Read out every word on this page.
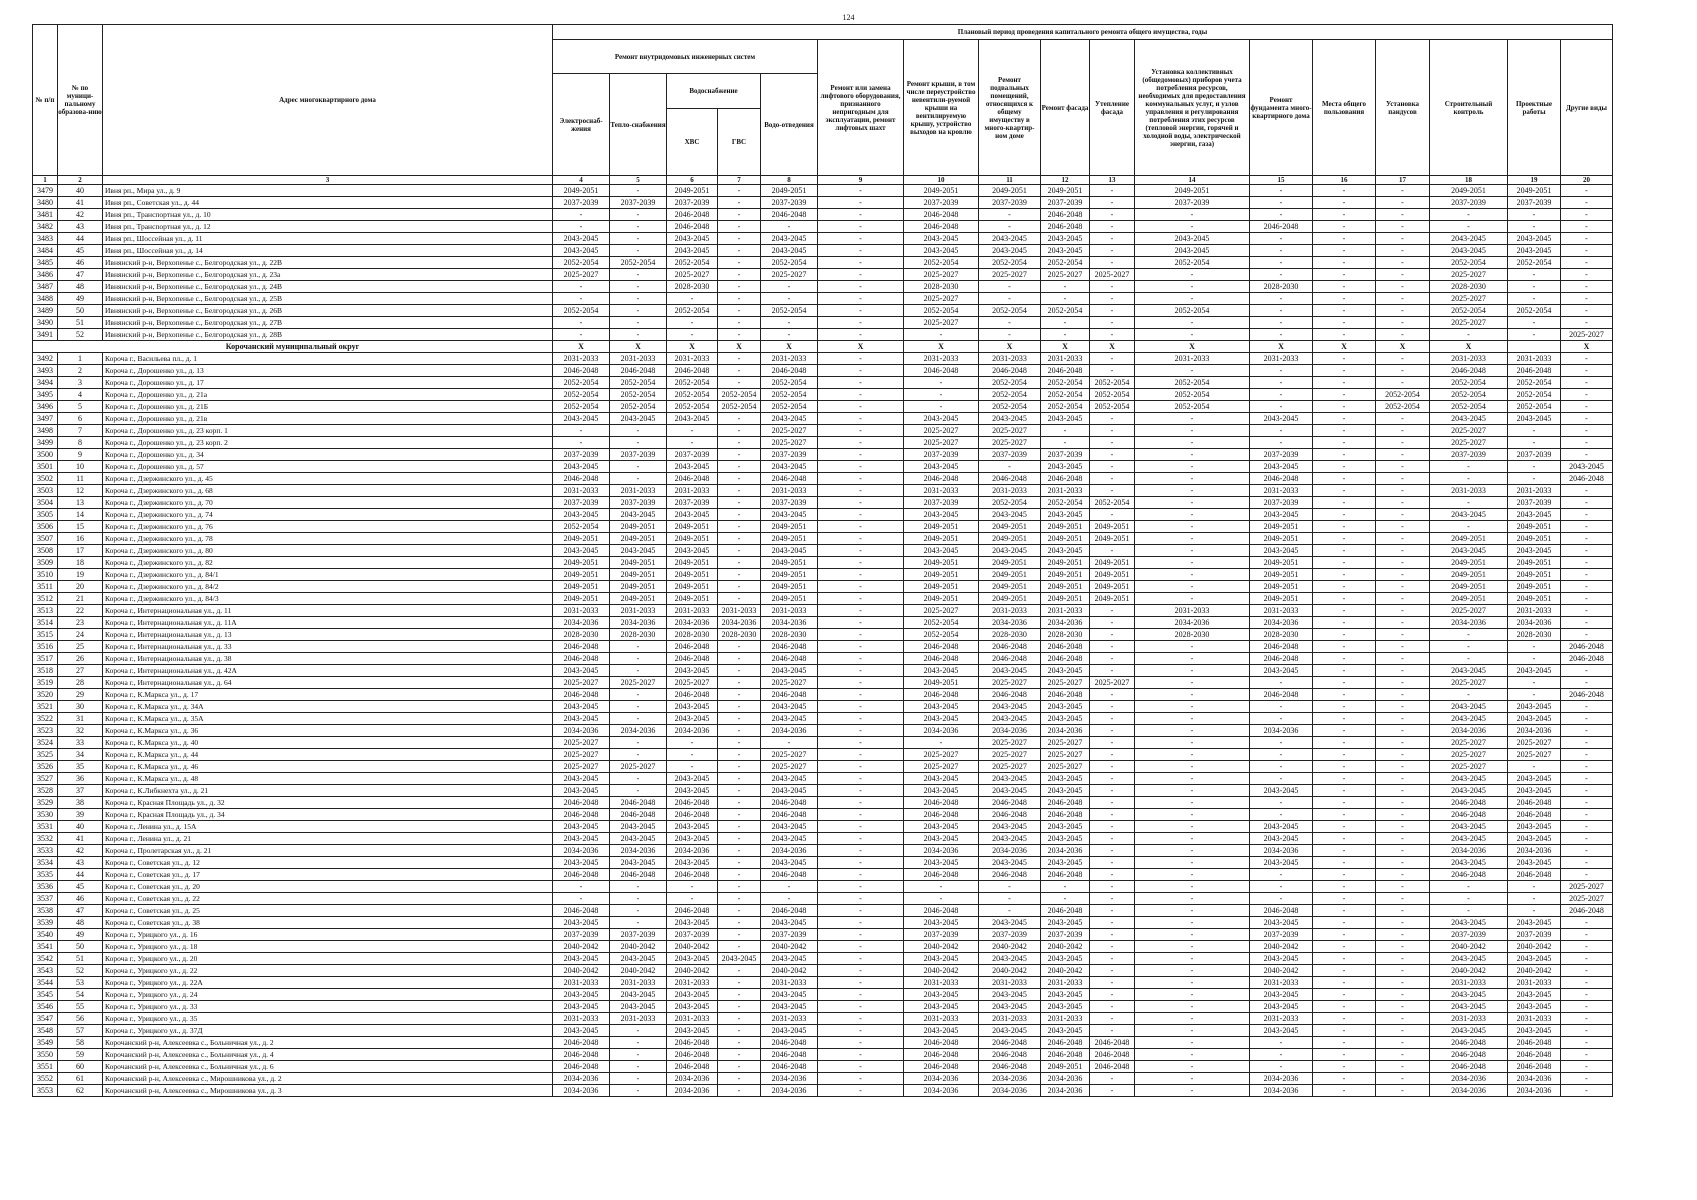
124
№ п/п	№ по муници-пальному образова-нию	Адрес многоквартирного дома	Плановый период проведения капитального ремонта общего имущества, годы																
			Ремонт внутридомовых инженерных систем					Ремонт или замена лифтового оборудования, признанного непригодным для эксплуатации, ремонт лифтовых шахт	Ремонт крыши, в том числе переустройство невентили-руемой крыши на вентилируемую крышу, устройство выходов на кровлю	Ремонт подвальных помещений, относящихся к общему имуществу в много-квартир-ном доме	Ремонт фасада	Утепление фасада	Установка коллективных (общедомовых) приборов учета потребления ресурсов, необходимых для предоставления коммунальных услуг, и узлов управления и регулирования потребления этих ресурсов (тепловой энергии, горячей и холодной воды, электрической энергии, газа)	Ремонт фундамента много-квартирного дома	Места общего пользования	Установка пандусов	Строительный контроль	Проектные работы	Другие виды
			Электроснаб-жения	Тепло-снабжения	Водоснабжение		Водо-отведения												
					ХВС	ГВС													
1	2	3	4	5	6	7	8	9	10	11	12	13	14	15	16	17	18	19	20
3479	40	Ивня рп., Мира ул., д. 9	2049-2051	-	2049-2051	-	2049-2051	-	2049-2051	2049-2051	2049-2051	-	2049-2051	-	-	-	2049-2051	2049-2051	-
3480	41	Ивня рп., Советская ул., д. 44	2037-2039	2037-2039	2037-2039	-	2037-2039	-	2037-2039	2037-2039	2037-2039	-	2037-2039	-	-	-	2037-2039	2037-2039	-
3481	42	Ивня рп., Транспортная ул., д. 10	-	-	2046-2048	-	2046-2048	-	2046-2048	-	2046-2048	-	-	-	-	-	-	-	-
3482	43	Ивня рп., Транспортная ул., д. 12	-	-	2046-2048	-	-	-	2046-2048	-	2046-2048	-	-	2046-2048	-	-	-	-	-
3483	44	Ивня рп., Шоссейная ул., д. 11	2043-2045	-	2043-2045	-	2043-2045	-	2043-2045	2043-2045	2043-2045	-	2043-2045	-	-	-	2043-2045	2043-2045	-
3484	45	Ивня рп., Шоссейная ул., д. 14	2043-2045	-	2043-2045	-	2043-2045	-	2043-2045	2043-2045	2043-2045	-	2043-2045	-	-	-	2043-2045	2043-2045	-
3485	46	Ивнянский р-н, Верхопенье с., Белгородская ул., д. 22В	2052-2054	2052-2054	2052-2054	-	2052-2054	-	2052-2054	2052-2054	2052-2054	-	2052-2054	-	-	-	2052-2054	2052-2054	-
3486	47	Ивнянский р-н, Верхопенье с., Белгородская ул., д. 23а	2025-2027	-	2025-2027	-	2025-2027	-	2025-2027	2025-2027	2025-2027	2025-2027	-	-	-	-	2025-2027	-	-
3487	48	Ивнянский р-н, Верхопенье с., Белгородская ул., д. 24В	-	-	2028-2030	-	-	-	2028-2030	-	-	-	-	2028-2030	-	-	2028-2030	-	-
3488	49	Ивнянский р-н, Верхопенье с., Белгородская ул., д. 25В	-	-	-	-	-	-	2025-2027	-	-	-	-	-	-	-	2025-2027	-	-
3489	50	Ивнянский р-н, Верхопенье с., Белгородская ул., д. 26В	2052-2054	-	2052-2054	-	2052-2054	-	2052-2054	2052-2054	2052-2054	-	2052-2054	-	-	-	2052-2054	2052-2054	-
3490	51	Ивнянский р-н, Верхопенье с., Белгородская ул., д. 27В	-	-	-	-	-	-	2025-2027	-	-	-	-	-	-	-	2025-2027	-	-
3491	52	Ивнянский р-н, Верхопенье с., Белгородская ул., д. 28В	-	-	-	-	-	-	-	-	-	-	-	-	-	-	-	-	2025-2027
Корочанский муниципальный округ			X	X	X	X	X	X	X	X	X	X	X	X	X	X	X		X
3492	1	Короча г., Васильева пл., д. 1	2031-2033	2031-2033	2031-2033	-	2031-2033	-	2031-2033	2031-2033	2031-2033	-	2031-2033	2031-2033	-	-	2031-2033	2031-2033	-
3493	2	Короча г., Дорошенко ул., д. 13	2046-2048	2046-2048	2046-2048	-	2046-2048	-	2046-2048	2046-2048	2046-2048	-	-	-	-	-	2046-2048	2046-2048	-
3494	3	Короча г., Дорошенко ул., д. 17	2052-2054	2052-2054	2052-2054	-	2052-2054	-	-	2052-2054	2052-2054	2052-2054	2052-2054	-	-	-	2052-2054	2052-2054	-
3495	4	Короча г., Дорошенко ул., д. 21а	2052-2054	2052-2054	2052-2054	2052-2054	2052-2054	-	-	2052-2054	2052-2054	2052-2054	2052-2054	-	-	2052-2054	2052-2054	2052-2054	-
3496	5	Короча г., Дорошенко ул., д. 21Б	2052-2054	2052-2054	2052-2054	2052-2054	2052-2054	-	-	2052-2054	2052-2054	2052-2054	2052-2054	-	-	2052-2054	2052-2054	2052-2054	-
3497	6	Короча г., Дорошенко ул., д. 21в	2043-2045	2043-2045	2043-2045	-	2043-2045	-	2043-2045	2043-2045	2043-2045	-	-	2043-2045	-	-	2043-2045	2043-2045	-
3498	7	Короча г., Дорошенко ул., д. 23 корп. 1	-	-	-	-	2025-2027	-	2025-2027	2025-2027	-	-	-	-	-	-	2025-2027	-	-
3499	8	Короча г., Дорошенко ул., д. 23 корп. 2	-	-	-	-	2025-2027	-	2025-2027	2025-2027	-	-	-	-	-	-	2025-2027	-	-
3500	9	Короча г., Дорошенко ул., д. 34	2037-2039	2037-2039	2037-2039	-	2037-2039	-	2037-2039	2037-2039	2037-2039	-	-	2037-2039	-	-	2037-2039	2037-2039	-
3501	10	Короча г., Дорошенко ул., д. 57	2043-2045	-	2043-2045	-	2043-2045	-	2043-2045	-	2043-2045	-	-	2043-2045	-	-	-	-	2043-2045
3502	11	Короча г., Дзержинского ул., д. 45	2046-2048	-	2046-2048	-	2046-2048	-	2046-2048	2046-2048	2046-2048	-	-	2046-2048	-	-	-	-	2046-2048
3503	12	Короча г., Дзержинского ул., д. 68	2031-2033	2031-2033	2031-2033	-	2031-2033	-	2031-2033	2031-2033	2031-2033	-	-	2031-2033	-	-	2031-2033	2031-2033	-
3504	13	Короча г., Дзержинского ул., д. 70	2037-2039	2037-2039	2037-2039	-	2037-2039	-	2037-2039	2052-2054	2052-2054	2052-2054	-	2037-2039	-	-	-	2037-2039	-
3505	14	Короча г., Дзержинского ул., д. 74	2043-2045	2043-2045	2043-2045	-	2043-2045	-	2043-2045	2043-2045	2043-2045	-	-	2043-2045	-	-	2043-2045	2043-2045	-
3506	15	Короча г., Дзержинского ул., д. 76	2052-2054	2049-2051	2049-2051	-	2049-2051	-	2049-2051	2049-2051	2049-2051	2049-2051	-	2049-2051	-	-	-	2049-2051	-
3507	16	Короча г., Дзержинского ул., д. 78	2049-2051	2049-2051	2049-2051	-	2049-2051	-	2049-2051	2049-2051	2049-2051	2049-2051	-	2049-2051	-	-	2049-2051	2049-2051	-
3508	17	Короча г., Дзержинского ул., д. 80	2043-2045	2043-2045	2043-2045	-	2043-2045	-	2043-2045	2043-2045	2043-2045	-	-	2043-2045	-	-	2043-2045	2043-2045	-
3509	18	Короча г., Дзержинского ул., д. 82	2049-2051	2049-2051	2049-2051	-	2049-2051	-	2049-2051	2049-2051	2049-2051	2049-2051	-	2049-2051	-	-	2049-2051	2049-2051	-
3510	19	Короча г., Дзержинского ул., д. 84/1	2049-2051	2049-2051	2049-2051	-	2049-2051	-	2049-2051	2049-2051	2049-2051	2049-2051	-	2049-2051	-	-	2049-2051	2049-2051	-
3511	20	Короча г., Дзержинского ул., д. 84/2	2049-2051	2049-2051	2049-2051	-	2049-2051	-	2049-2051	2049-2051	2049-2051	2049-2051	-	2049-2051	-	-	2049-2051	2049-2051	-
3512	21	Короча г., Дзержинского ул., д. 84/3	2049-2051	2049-2051	2049-2051	-	2049-2051	-	2049-2051	2049-2051	2049-2051	2049-2051	-	2049-2051	-	-	2049-2051	2049-2051	-
3513	22	Короча г., Интернациональная ул., д. 11	2031-2033	2031-2033	2031-2033	2031-2033	2031-2033	-	2025-2027	2031-2033	2031-2033	-	2031-2033	2031-2033	-	-	2025-2027	2031-2033	-
3514	23	Короча г., Интернациональная ул., д. 11А	2034-2036	2034-2036	2034-2036	2034-2036	2034-2036	-	2052-2054	2034-2036	2034-2036	-	2034-2036	2034-2036	-	-	2034-2036	2034-2036	-
3515	24	Короча г., Интернациональная ул., д. 13	2028-2030	2028-2030	2028-2030	2028-2030	2028-2030	-	2052-2054	2028-2030	2028-2030	-	2028-2030	2028-2030	-	-	-	2028-2030	-
3516	25	Короча г., Интернациональная ул., д. 33	2046-2048	-	2046-2048	-	2046-2048	-	2046-2048	2046-2048	2046-2048	-	-	2046-2048	-	-	-	-	2046-2048
3517	26	Короча г., Интернациональная ул., д. 38	2046-2048	-	2046-2048	-	2046-2048	-	2046-2048	2046-2048	2046-2048	-	-	2046-2048	-	-	-	-	2046-2048
3518	27	Короча г., Интернациональная ул., д. 42А	2043-2045	-	2043-2045	-	2043-2045	-	2043-2045	2043-2045	2043-2045	-	-	2043-2045	-	-	2043-2045	2043-2045	-
3519	28	Короча г., Интернациональная ул., д. 64	2025-2027	2025-2027	2025-2027	-	2025-2027	-	2049-2051	2025-2027	2025-2027	2025-2027	-	-	-	-	2025-2027	-	-
3520	29	Короча г., К.Маркса ул., д. 17	2046-2048	-	2046-2048	-	2046-2048	-	2046-2048	2046-2048	2046-2048	-	-	2046-2048	-	-	-	-	2046-2048
3521	30	Короча г., К.Маркса ул., д. 34А	2043-2045	-	2043-2045	-	2043-2045	-	2043-2045	2043-2045	2043-2045	-	-	-	-	-	2043-2045	2043-2045	-
3522	31	Короча г., К.Маркса ул., д. 35А	2043-2045	-	2043-2045	-	2043-2045	-	2043-2045	2043-2045	2043-2045	-	-	-	-	-	2043-2045	2043-2045	-
3523	32	Короча г., К.Маркса ул., д. 36	2034-2036	2034-2036	2034-2036	-	2034-2036	-	2034-2036	2034-2036	2034-2036	-	-	2034-2036	-	-	2034-2036	2034-2036	-
3524	33	Короча г., К.Маркса ул., д. 40	2025-2027	-	-	-	-	-	-	2025-2027	2025-2027	-	-	-	-	-	2025-2027	2025-2027	-
3525	34	Короча г., К.Маркса ул., д. 44	2025-2027	-	-	-	2025-2027	-	2025-2027	2025-2027	2025-2027	-	-	-	-	-	2025-2027	2025-2027	-
3526	35	Короча г., К.Маркса ул., д. 46	2025-2027	2025-2027	-	-	2025-2027	-	2025-2027	2025-2027	2025-2027	-	-	-	-	-	2025-2027	-	-
3527	36	Короча г., К.Маркса ул., д. 48	2043-2045	-	2043-2045	-	2043-2045	-	2043-2045	2043-2045	2043-2045	-	-	-	-	-	2043-2045	2043-2045	-
3528	37	Короча г., К.Либкнехта ул., д. 21	2043-2045	-	2043-2045	-	2043-2045	-	2043-2045	2043-2045	2043-2045	-	-	2043-2045	-	-	2043-2045	2043-2045	-
3529	38	Короча г., Красная Площадь ул., д. 32	2046-2048	2046-2048	2046-2048	-	2046-2048	-	2046-2048	2046-2048	2046-2048	-	-	-	-	-	2046-2048	2046-2048	-
3530	39	Короча г., Красная Площадь ул., д. 34	2046-2048	2046-2048	2046-2048	-	2046-2048	-	2046-2048	2046-2048	2046-2048	-	-	-	-	-	2046-2048	2046-2048	-
3531	40	Короча г., Ленина ул., д. 15А	2043-2045	2043-2045	2043-2045	-	2043-2045	-	2043-2045	2043-2045	2043-2045	-	-	2043-2045	-	-	2043-2045	2043-2045	-
3532	41	Короча г., Ленина ул., д. 21	2043-2045	2043-2045	2043-2045	-	2043-2045	-	2043-2045	2043-2045	2043-2045	-	-	2043-2045	-	-	2043-2045	2043-2045	-
3533	42	Короча г., Пролетарская ул., д. 21	2034-2036	2034-2036	2034-2036	-	2034-2036	-	2034-2036	2034-2036	2034-2036	-	-	2034-2036	-	-	2034-2036	2034-2036	-
3534	43	Короча г., Советская ул., д. 12	2043-2045	2043-2045	2043-2045	-	2043-2045	-	2043-2045	2043-2045	2043-2045	-	-	2043-2045	-	-	2043-2045	2043-2045	-
3535	44	Короча г., Советская ул., д. 17	2046-2048	2046-2048	2046-2048	-	2046-2048	-	2046-2048	2046-2048	2046-2048	-	-	-	-	-	2046-2048	2046-2048	-
3536	45	Короча г., Советская ул., д. 20	-	-	-	-	-	-	-	-	-	-	-	-	-	-	-	-	2025-2027
3537	46	Короча г., Советская ул., д. 22	-	-	-	-	-	-	-	-	-	-	-	-	-	-	-	-	2025-2027
3538	47	Короча г., Советская ул., д. 25	2046-2048	-	2046-2048	-	2046-2048	-	2046-2048	-	2046-2048	-	-	2046-2048	-	-	-	-	2046-2048
3539	48	Короча г., Советская ул., д. 38	2043-2045	-	2043-2045	-	2043-2045	-	2043-2045	2043-2045	2043-2045	-	-	2043-2045	-	-	2043-2045	2043-2045	-
3540	49	Короча г., Урицкого ул., д. 16	2037-2039	2037-2039	2037-2039	-	2037-2039	-	2037-2039	2037-2039	2037-2039	-	-	2037-2039	-	-	2037-2039	2037-2039	-
3541	50	Короча г., Урицкого ул., д. 18	2040-2042	2040-2042	2040-2042	-	2040-2042	-	2040-2042	2040-2042	2040-2042	-	-	2040-2042	-	-	2040-2042	2040-2042	-
3542	51	Короча г., Урицкого ул., д. 20	2043-2045	2043-2045	2043-2045	2043-2045	2043-2045	-	2043-2045	2043-2045	2043-2045	-	-	2043-2045	-	-	2043-2045	2043-2045	-
3543	52	Короча г., Урицкого ул., д. 22	2040-2042	2040-2042	2040-2042	-	2040-2042	-	2040-2042	2040-2042	2040-2042	-	-	2040-2042	-	-	2040-2042	2040-2042	-
3544	53	Короча г., Урицкого ул., д. 22А	2031-2033	2031-2033	2031-2033	-	2031-2033	-	2031-2033	2031-2033	2031-2033	-	-	2031-2033	-	-	2031-2033	2031-2033	-
3545	54	Короча г., Урицкого ул., д. 24	2043-2045	2043-2045	2043-2045	-	2043-2045	-	2043-2045	2043-2045	2043-2045	-	-	2043-2045	-	-	2043-2045	2043-2045	-
3546	55	Короча г., Урицкого ул., д. 33	2043-2045	2043-2045	2043-2045	-	2043-2045	-	2043-2045	2043-2045	2043-2045	-	-	2043-2045	-	-	2043-2045	2043-2045	-
3547	56	Короча г., Урицкого ул., д. 35	2031-2033	2031-2033	2031-2033	-	2031-2033	-	2031-2033	2031-2033	2031-2033	-	-	2031-2033	-	-	2031-2033	2031-2033	-
3548	57	Короча г., Урицкого ул., д. 37Д	2043-2045	-	2043-2045	-	2043-2045	-	2043-2045	2043-2045	2043-2045	-	-	2043-2045	-	-	2043-2045	2043-2045	-
3549	58	Корочанский р-н, Алексеевка с., Больничная ул., д. 2	2046-2048	-	2046-2048	-	2046-2048	-	2046-2048	2046-2048	2046-2048	2046-2048	-	-	-	-	2046-2048	2046-2048	-
3550	59	Корочанский р-н, Алексеевка с., Больничная ул., д. 4	2046-2048	-	2046-2048	-	2046-2048	-	2046-2048	2046-2048	2046-2048	2046-2048	-	-	-	-	2046-2048	2046-2048	-
3551	60	Корочанский р-н, Алексеевка с., Больничная ул., д. 6	2046-2048	-	2046-2048	-	2046-2048	-	2046-2048	2046-2048	2049-2051	2046-2048	-	-	-	-	2046-2048	2046-2048	-
3552	61	Корочанский р-н, Алексеевка с., Мирошникова ул., д. 2	2034-2036	-	2034-2036	-	2034-2036	-	2034-2036	2034-2036	2034-2036	-	-	2034-2036	-	-	2034-2036	2034-2036	-
3553	62	Корочанский р-н, Алексеевка с., Мирошникова ул., д. 3	2034-2036	-	2034-2036	-	2034-2036	-	2034-2036	2034-2036	2034-2036	-	-	2034-2036	-	-	2034-2036	2034-2036	-
